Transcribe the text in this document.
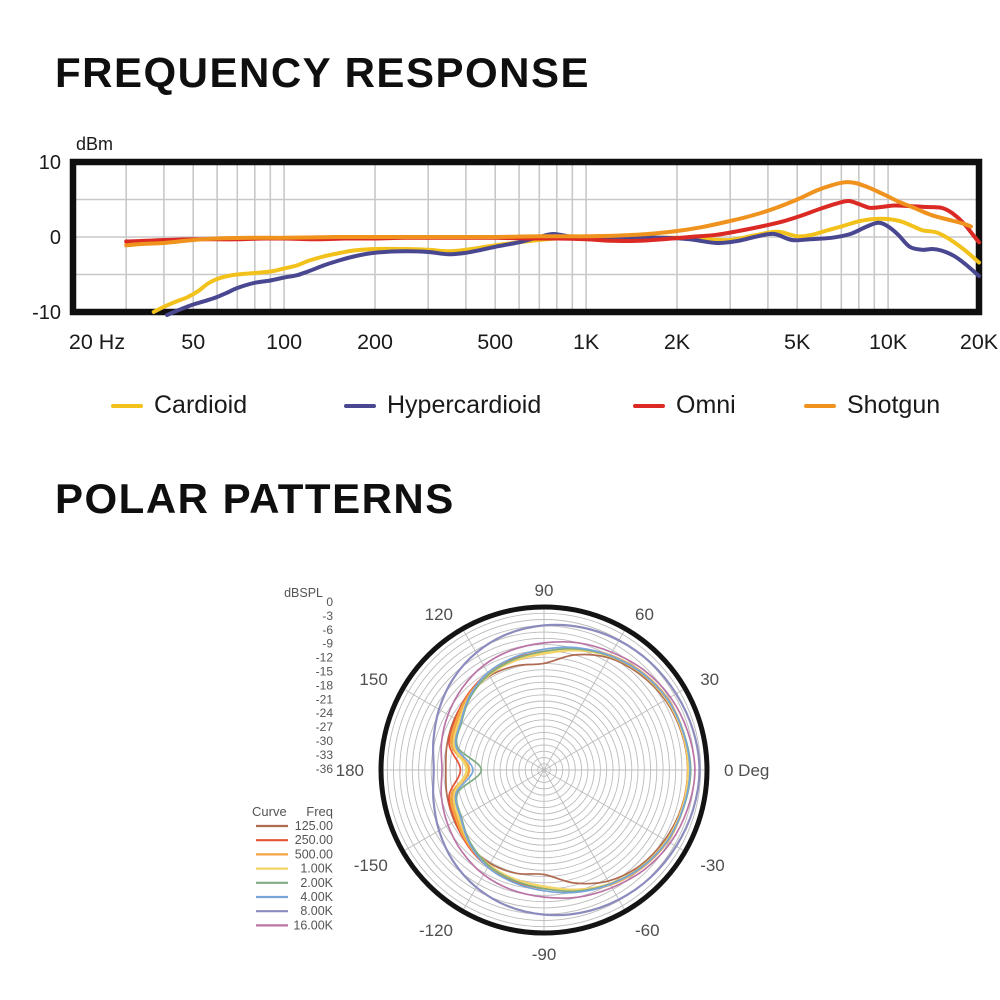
FREQUENCY RESPONSE
dBm
10
0
-10
20 Hz	50	100	200	500	1K	2K	5K	10K 20K
Cardioid	Hypercardioid	Omni	Shotgun
POLAR PATTERNS
90
60
30
0 Deg
-30
-60
-90
-120
-150
180
150
120
dBSPL
0
-3
-6
-9
-12
-15
-18
-21
-24
-27
-30
-33
-36
Curve Freq
125.00
250.00
500.00
1.00K
2.00K
4.00K
8.00K
16.00K
